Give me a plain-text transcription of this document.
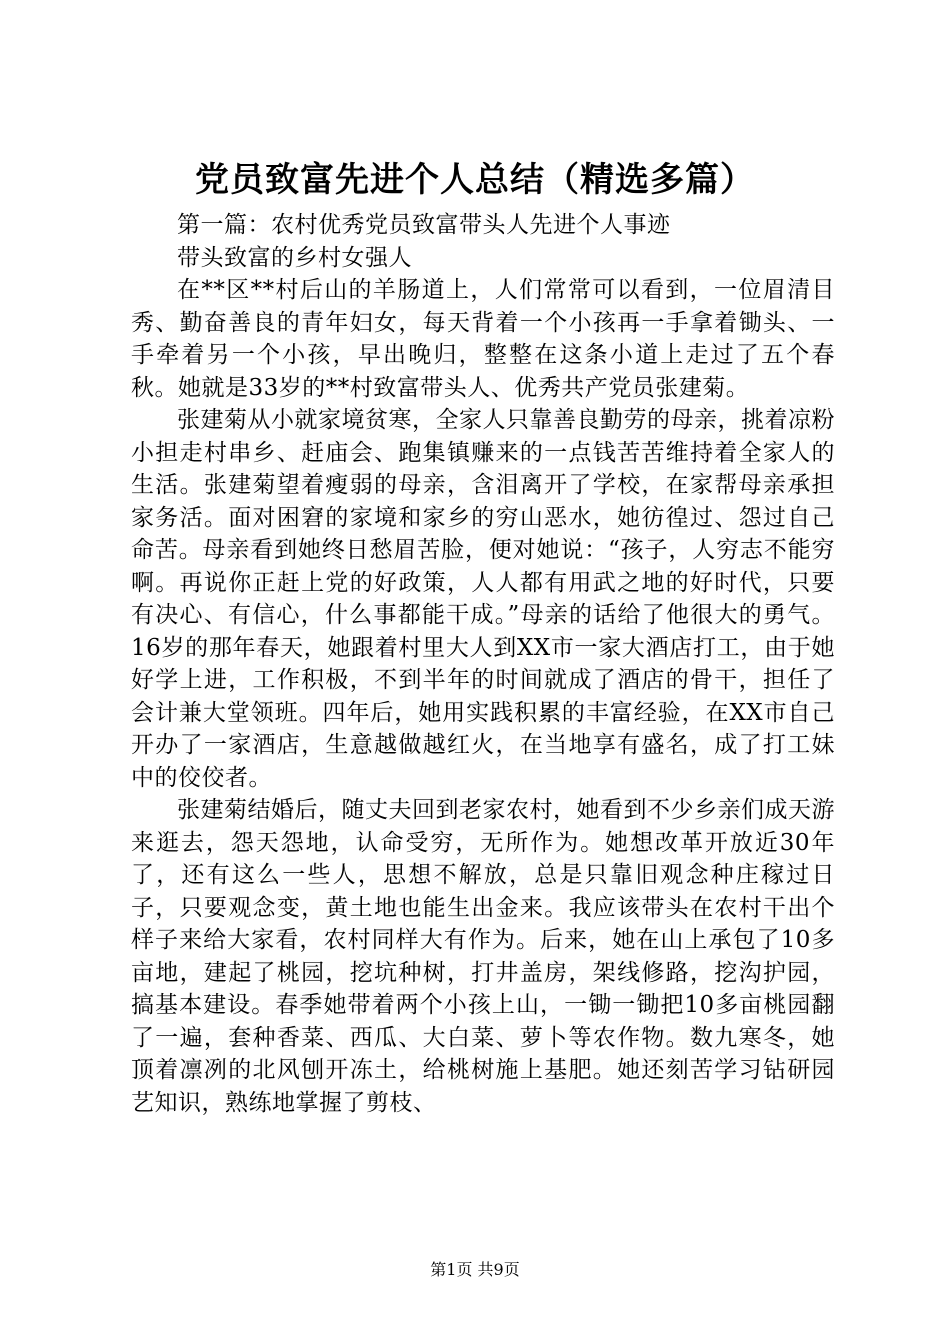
党员致富先进个人总结（精选多篇）

第一篇：农村优秀党员致富带头人先进个人事迹

带头致富的乡村女强人

在**区**村后山的羊肠道上，人们常常可以看到，一位眉清目秀、勤奋善良的青年妇女，每天背着一个小孩再一手拿着锄头、一手牵着另一个小孩，早出晚归，整整在这条小道上走过了五个春秋。她就是33岁的**村致富带头人、优秀共产党员张建菊。

张建菊从小就家境贫寒，全家人只靠善良勤劳的母亲，挑着凉粉小担走村串乡、赶庙会、跑集镇赚来的一点钱苦苦维持着全家人的生活。张建菊望着瘦弱的母亲，含泪离开了学校，在家帮母亲承担家务活。面对困窘的家境和家乡的穷山恶水，她彷徨过、怨过自己命苦。母亲看到她终日愁眉苦脸，便对她说：“孩子，人穷志不能穷啊。再说你正赶上党的好政策，人人都有用武之地的好时代，只要有决心、有信心，什么事都能干成。”母亲的话给了他很大的勇气。16岁的那年春天，她跟着村里大人到XX市一家大酒店打工，由于她好学上进，工作积极，不到半年的时间就成了酒店的骨干，担任了会计兼大堂领班。四年后，她用实践积累的丰富经验，在XX市自己开办了一家酒店，生意越做越红火，在当地享有盛名，成了打工妹中的佼佼者。

张建菊结婚后，随丈夫回到老家农村，她看到不少乡亲们成天游来逛去，怨天怨地，认命受穷，无所作为。她想改革开放近30年了，还有这么一些人，思想不解放，总是只靠旧观念种庄稼过日子，只要观念变，黄土地也能生出金来。我应该带头在农村干出个样子来给大家看，农村同样大有作为。后来，她在山上承包了10多亩地，建起了桃园，挖坑种树，打井盖房，架线修路，挖沟护园，搞基本建设。春季她带着两个小孩上山，一锄一锄把10多亩桃园翻了一遍，套种香菜、西瓜、大白菜、萝卜等农作物。数九寒冬，她顶着凛冽的北风刨开冻土，给桃树施上基肥。她还刻苦学习钻研园艺知识，熟练地掌握了剪枝、

第1页 共9页
